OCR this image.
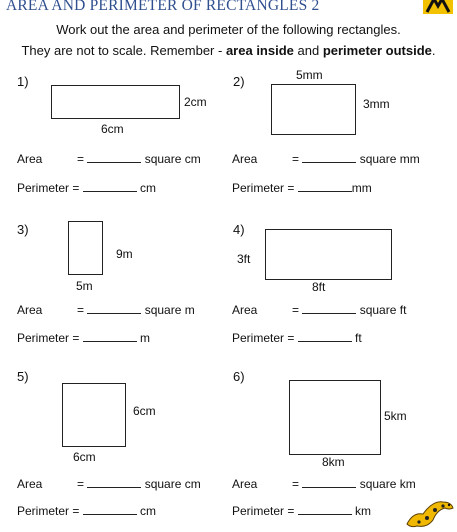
AREA AND PERIMETER OF RECTANGLES 2
Work out the area and perimeter of the following rectangles.
They are not to scale. Remember - area inside and perimeter outside.
1)
2cm
6cm
2)	5mm
3mm
Area	=	square cm	Area	=	square mm
Perimeter =	cm	Perimeter =	mm
3)
9m
5m
4)
3ft
8ft
Area	=	square m	Area	=	square ft
Perimeter =	m	Perimeter =	ft
5)
6cm
6cm
6)
5km
8km
Area	=	square cm	Area	=	square km
Perimeter =	cm	Perimeter =	km
